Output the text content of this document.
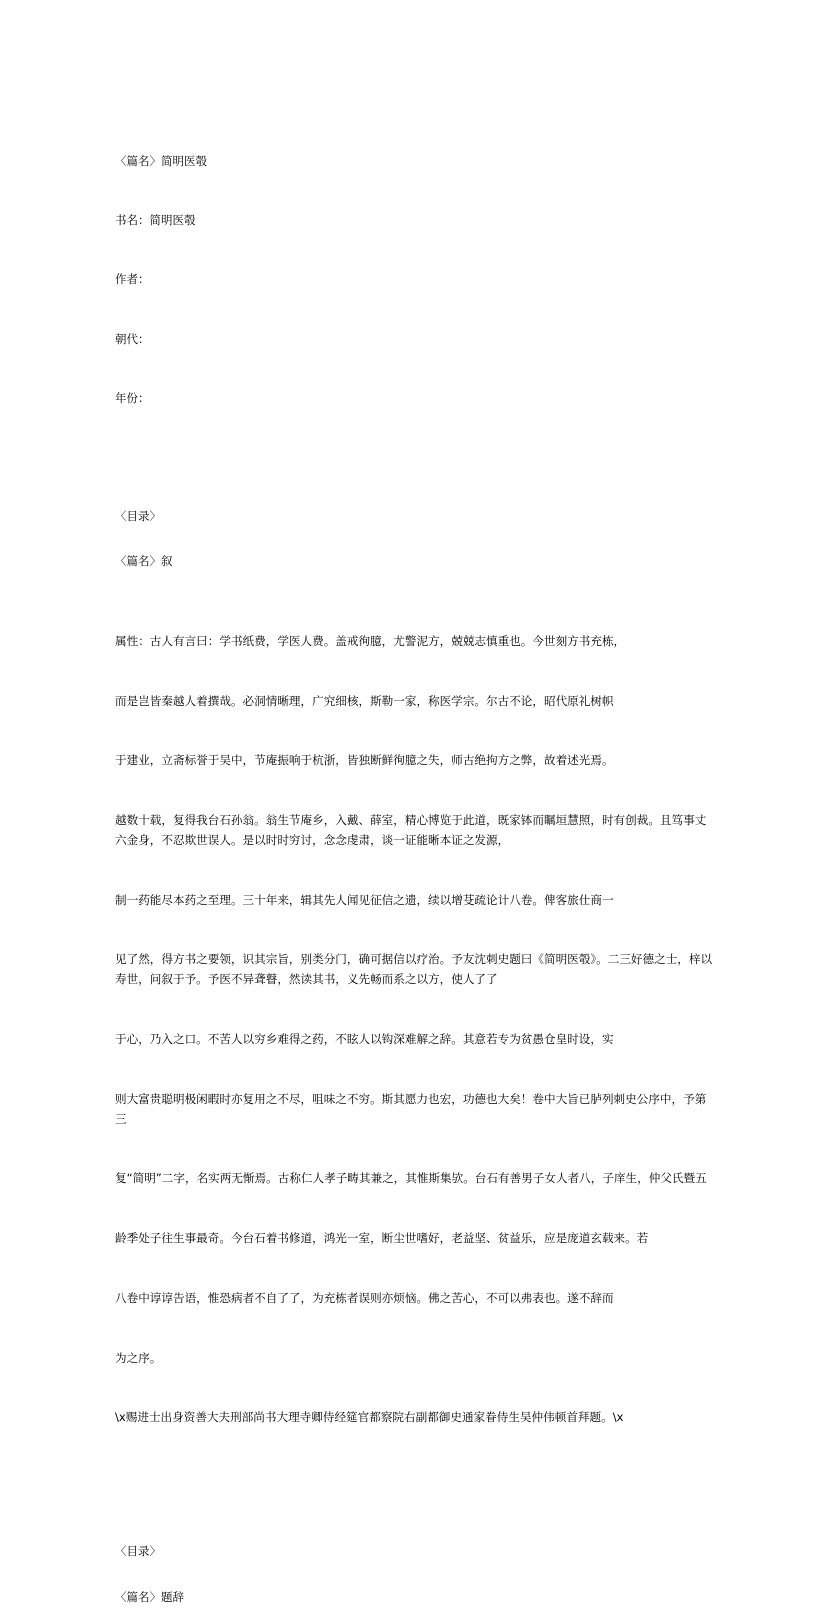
〈篇名〉简明医彀

书名：简明医彀

作者：

朝代：

年份：

〈目录〉
〈篇名〉叙

属性：古人有言曰：学书纸费，学医人费。盖戒徇臆，尤警泥方，兢兢志慎重也。今世刻方书充栋，

而是岂皆秦越人着撰哉。必洞情晰理，广究细核，斯勒一家，称医学宗。尔古不论，昭代原礼树帜

于建业，立斋标誉于吴中，节庵振响于杭浙，皆独断鲜徇臆之失，师古绝拘方之弊，故着述光焉。

越数十载，复得我台石孙翁。翁生节庵乡，入戴、薛室，精心博览于此道，既家钵而瞩垣慧照，时有创裁。且笃事丈六金身，不忍欺世误人。是以时时穷讨，念念虔肃，谈一证能晰本证之发源，

制一药能尽本药之至理。三十年来，辑其先人闻见征信之遗，续以增芟疏论计八卷。俾客旅仕商一

见了然，得方书之要领，识其宗旨，别类分门，确可据信以疗治。予友沈刺史题曰《简明医彀》。二三好德之士，梓以寿世，问叙于予。予医不异聋瞽，然读其书，义先畅而系之以方，使人了了

于心，乃入之口。不苦人以穷乡难得之药，不眩人以钩深难解之辞。其意若专为贫愚仓皇时设，实

则大富贵聪明极闲暇时亦复用之不尽，咀味之不穷。斯其愿力也宏，功德也大矣！卷中大旨已胪列刺史公序中，予第三

复“简明”二字，名实两无惭焉。古称仁人孝子畴其兼之，其惟斯集欤。台石有善男子女人者八，子庠生，仲父氏暨五

龄季处子往生事最奇。今台石着书修道，鸿光一室，断尘世嗜好，老益坚、贫益乐，应是庞道玄载来。若

八卷中谆谆告语，惟恐病者不自了了，为充栋者误则亦烦恼。佛之苦心，不可以弗表也。遂不辞而

为之序。

\x赐进士出身资善大夫刑部尚书大理寺卿侍经筵官都察院右副都御史通家眷侍生吴仲伟顿首拜题。\x

〈目录〉
〈篇名〉题辞
